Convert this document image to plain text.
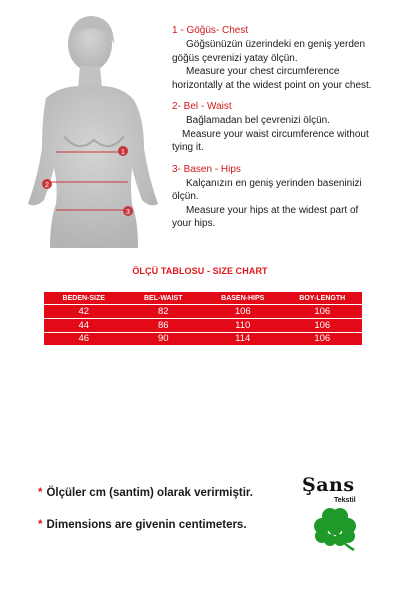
1
2
3
1 - Göğüs- Chest
Göğsünüzün üzerindeki en geniş yerden
göğüs çevrenizi yatay ölçün.
Measure your chest circumference
horizontally at the widest point on your chest.
2- Bel - Waist
Bağlamadan bel çevrenizi ölçün.
Measure your waist circumference without
tying it.
3- Basen - Hips
Kalçanızın en geniş yerinden baseninizi
ölçün.
Measure your hips at the widest part of
your hips.
ÖLÇÜ TABLOSU - SIZE CHART
BEDEN-SIZE	BEL-WAIST	BASEN-HIPS	BOY-LENGTH
42	82	106	106
44	86	110	106
46	90	114	106
* Ölçüler cm (santim) olarak verirmiştir.
* Dimensions are givenin centimeters.
Şans
Tekstil
